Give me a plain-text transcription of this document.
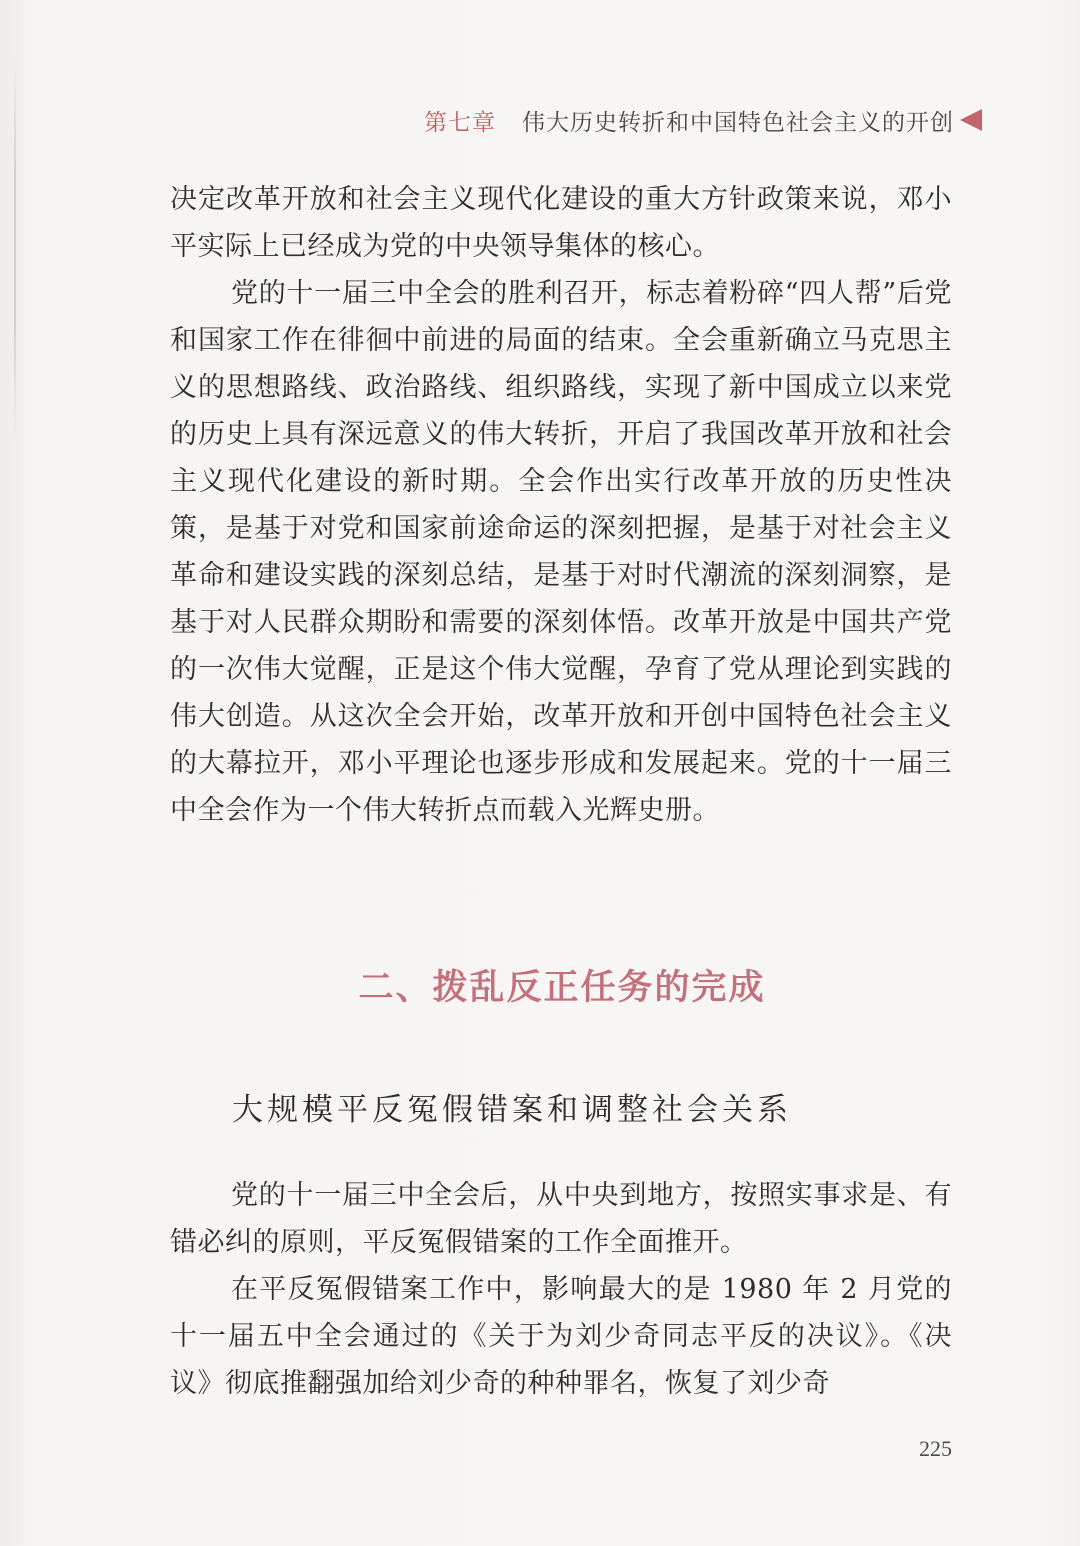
第七章 伟大历史转折和中国特色社会主义的开创

决定改革开放和社会主义现代化建设的重大方针政策来说，邓小平实际上已经成为党的中央领导集体的核心。

党的十一届三中全会的胜利召开，标志着粉碎“四人帮”后党和国家工作在徘徊中前进的局面的结束。全会重新确立马克思主义的思想路线、政治路线、组织路线，实现了新中国成立以来党的历史上具有深远意义的伟大转折，开启了我国改革开放和社会主义现代化建设的新时期。全会作出实行改革开放的历史性决策，是基于对党和国家前途命运的深刻把握，是基于对社会主义革命和建设实践的深刻总结，是基于对时代潮流的深刻洞察，是基于对人民群众期盼和需要的深刻体悟。改革开放是中国共产党的一次伟大觉醒，正是这个伟大觉醒，孕育了党从理论到实践的伟大创造。从这次全会开始，改革开放和开创中国特色社会主义的大幕拉开，邓小平理论也逐步形成和发展起来。党的十一届三中全会作为一个伟大转折点而载入光辉史册。

二、拨乱反正任务的完成
大规模平反冤假错案和调整社会关系

党的十一届三中全会后，从中央到地方，按照实事求是、有错必纠的原则，平反冤假错案的工作全面推开。

在平反冤假错案工作中，影响最大的是 1980 年 2 月党的十一届五中全会通过的《关于为刘少奇同志平反的决议》。《决议》彻底推翻强加给刘少奇的种种罪名，恢复了刘少奇

225
